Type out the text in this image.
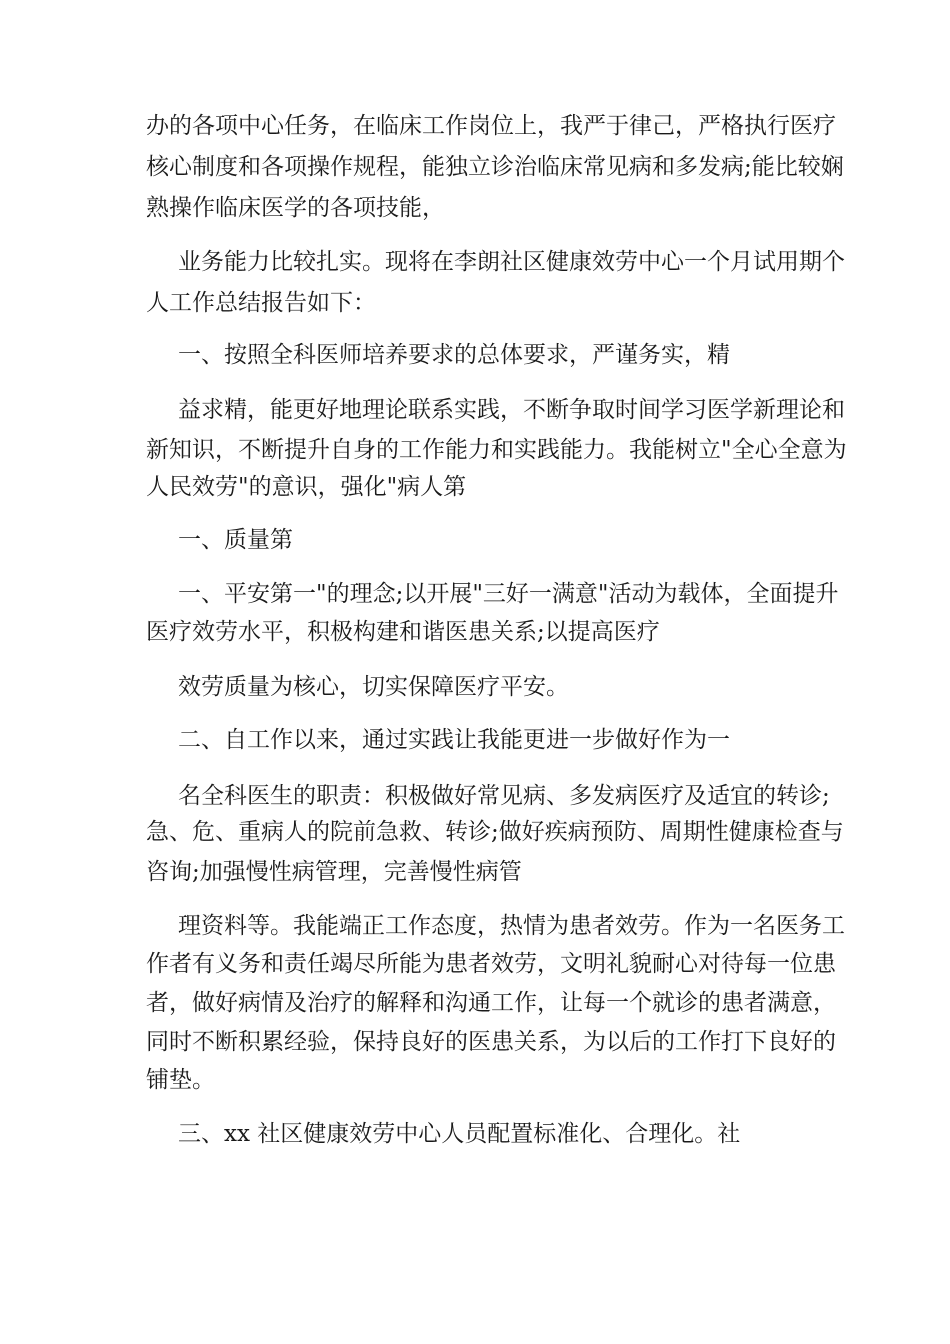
办的各项中心任务，在临床工作岗位上，我严于律己，严格执行医疗
核心制度和各项操作规程，能独立诊治临床常见病和多发病;能比较娴
熟操作临床医学的各项技能，
业务能力比较扎实。现将在李朗社区健康效劳中心一个月试用期个
人工作总结报告如下：
一、按照全科医师培养要求的总体要求，严谨务实，精
益求精，能更好地理论联系实践，不断争取时间学习医学新理论和
新知识，不断提升自身的工作能力和实践能力。我能树立"全心全意为
人民效劳"的意识，强化"病人第
一、质量第
一、平安第一"的理念;以开展"三好一满意"活动为载体，全面提升
医疗效劳水平，积极构建和谐医患关系;以提高医疗
效劳质量为核心，切实保障医疗平安。
二、自工作以来，通过实践让我能更进一步做好作为一
名全科医生的职责：积极做好常见病、多发病医疗及适宜的转诊;
急、危、重病人的院前急救、转诊;做好疾病预防、周期性健康检查与
咨询;加强慢性病管理，完善慢性病管
理资料等。我能端正工作态度，热情为患者效劳。作为一名医务工
作者有义务和责任竭尽所能为患者效劳，文明礼貌耐心对待每一位患
者，做好病情及治疗的解释和沟通工作，让每一个就诊的患者满意，
同时不断积累经验，保持良好的医患关系，为以后的工作打下良好的
铺垫。
三、xx 社区健康效劳中心人员配置标准化、合理化。社
